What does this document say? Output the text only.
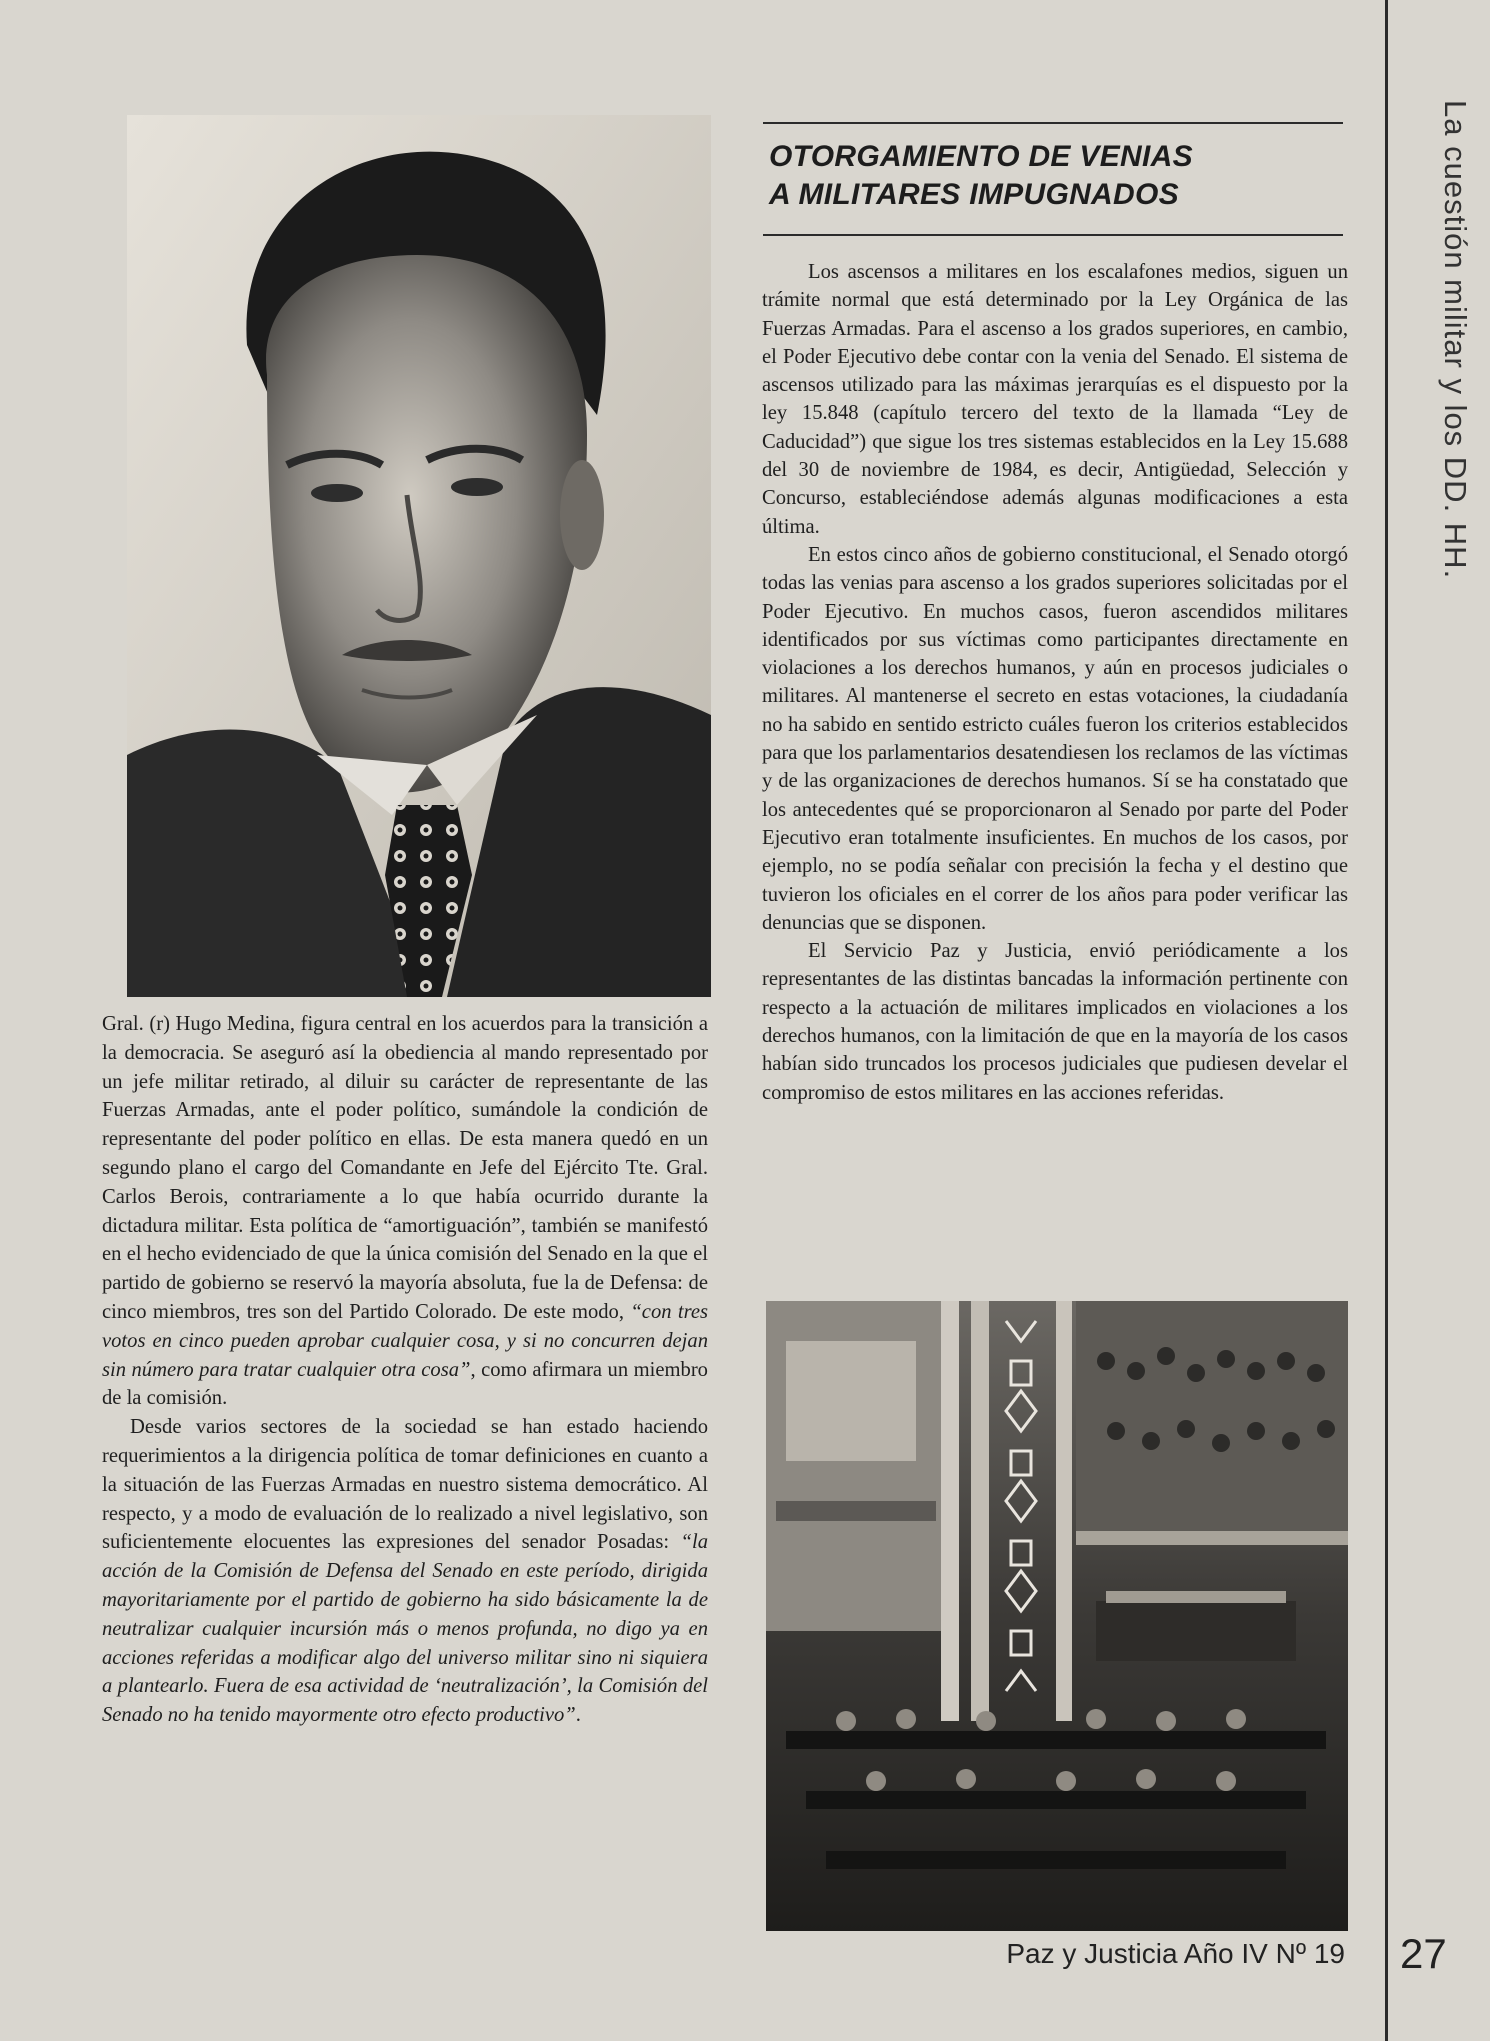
La cuestión militar y los DD. HH.

Gral. (r) Hugo Medina, figura central en los acuerdos para la transición a la democracia. Se aseguró así la obediencia al mando representado por un jefe militar retirado, al diluir su carácter de representante de las Fuerzas Armadas, ante el poder político, sumándole la condición de representante del poder político en ellas. De esta manera quedó en un segundo plano el cargo del Comandante en Jefe del Ejército Tte. Gral. Carlos Berois, contrariamente a lo que había ocurrido durante la dictadura militar. Esta política de “amortiguación”, también se manifestó en el hecho evidenciado de que la única comisión del Senado en la que el partido de gobierno se reservó la mayoría absoluta, fue la de Defensa: de cinco miembros, tres son del Partido Colorado. De este modo, “con tres votos en cinco pueden aprobar cualquier cosa, y si no concurren dejan sin número para tratar cualquier otra cosa”, como afirmara un miembro de la comisión.

Desde varios sectores de la sociedad se han estado haciendo requerimientos a la dirigencia política de tomar definiciones en cuanto a la situación de las Fuerzas Armadas en nuestro sistema democrático. Al respecto, y a modo de evaluación de lo realizado a nivel legislativo, son suficientemente elocuentes las expresiones del senador Posadas: “la acción de la Comisión de Defensa del Senado en este período, dirigida mayoritariamente por el partido de gobierno ha sido básicamente la de neutralizar cualquier incursión más o menos profunda, no digo ya en acciones referidas a modificar algo del universo militar sino ni siquiera a plantearlo. Fuera de esa actividad de ‘neutralización’, la Comisión del Senado no ha tenido mayormente otro efecto productivo”.

OTORGAMIENTO DE VENIAS
A MILITARES IMPUGNADOS

Los ascensos a militares en los escalafones medios, siguen un trámite normal que está determinado por la Ley Orgánica de las Fuerzas Armadas. Para el ascenso a los grados superiores, en cambio, el Poder Ejecutivo debe contar con la venia del Senado. El sistema de ascensos utilizado para las máximas jerarquías es el dispuesto por la ley 15.848 (capítulo tercero del texto de la llamada “Ley de Caducidad”) que sigue los tres sistemas establecidos en la Ley 15.688 del 30 de noviembre de 1984, es decir, Antigüedad, Selección y Concurso, estableciéndose además algunas modificaciones a esta última.

En estos cinco años de gobierno constitucional, el Senado otorgó todas las venias para ascenso a los grados superiores solicitadas por el Poder Ejecutivo. En muchos casos, fueron ascendidos militares identificados por sus víctimas como participantes directamente en violaciones a los derechos humanos, y aún en procesos judiciales o militares. Al mantenerse el secreto en estas votaciones, la ciudadanía no ha sabido en sentido estricto cuáles fueron los criterios establecidos para que los parlamentarios desatendiesen los reclamos de las víctimas y de las organizaciones de derechos humanos. Sí se ha constatado que los antecedentes qué se proporcionaron al Senado por parte del Poder Ejecutivo eran totalmente insuficientes. En muchos de los casos, por ejemplo, no se podía señalar con precisión la fecha y el destino que tuvieron los oficiales en el correr de los años para poder verificar las denuncias que se disponen.

El Servicio Paz y Justicia, envió periódicamente a los representantes de las distintas bancadas la información pertinente con respecto a la actuación de militares implicados en violaciones a los derechos humanos, con la limitación de que en la mayoría de los casos habían sido truncados los procesos judiciales que pudiesen develar el compromiso de estos militares en las acciones referidas.

Paz y Justicia Año IV Nº 19 27
